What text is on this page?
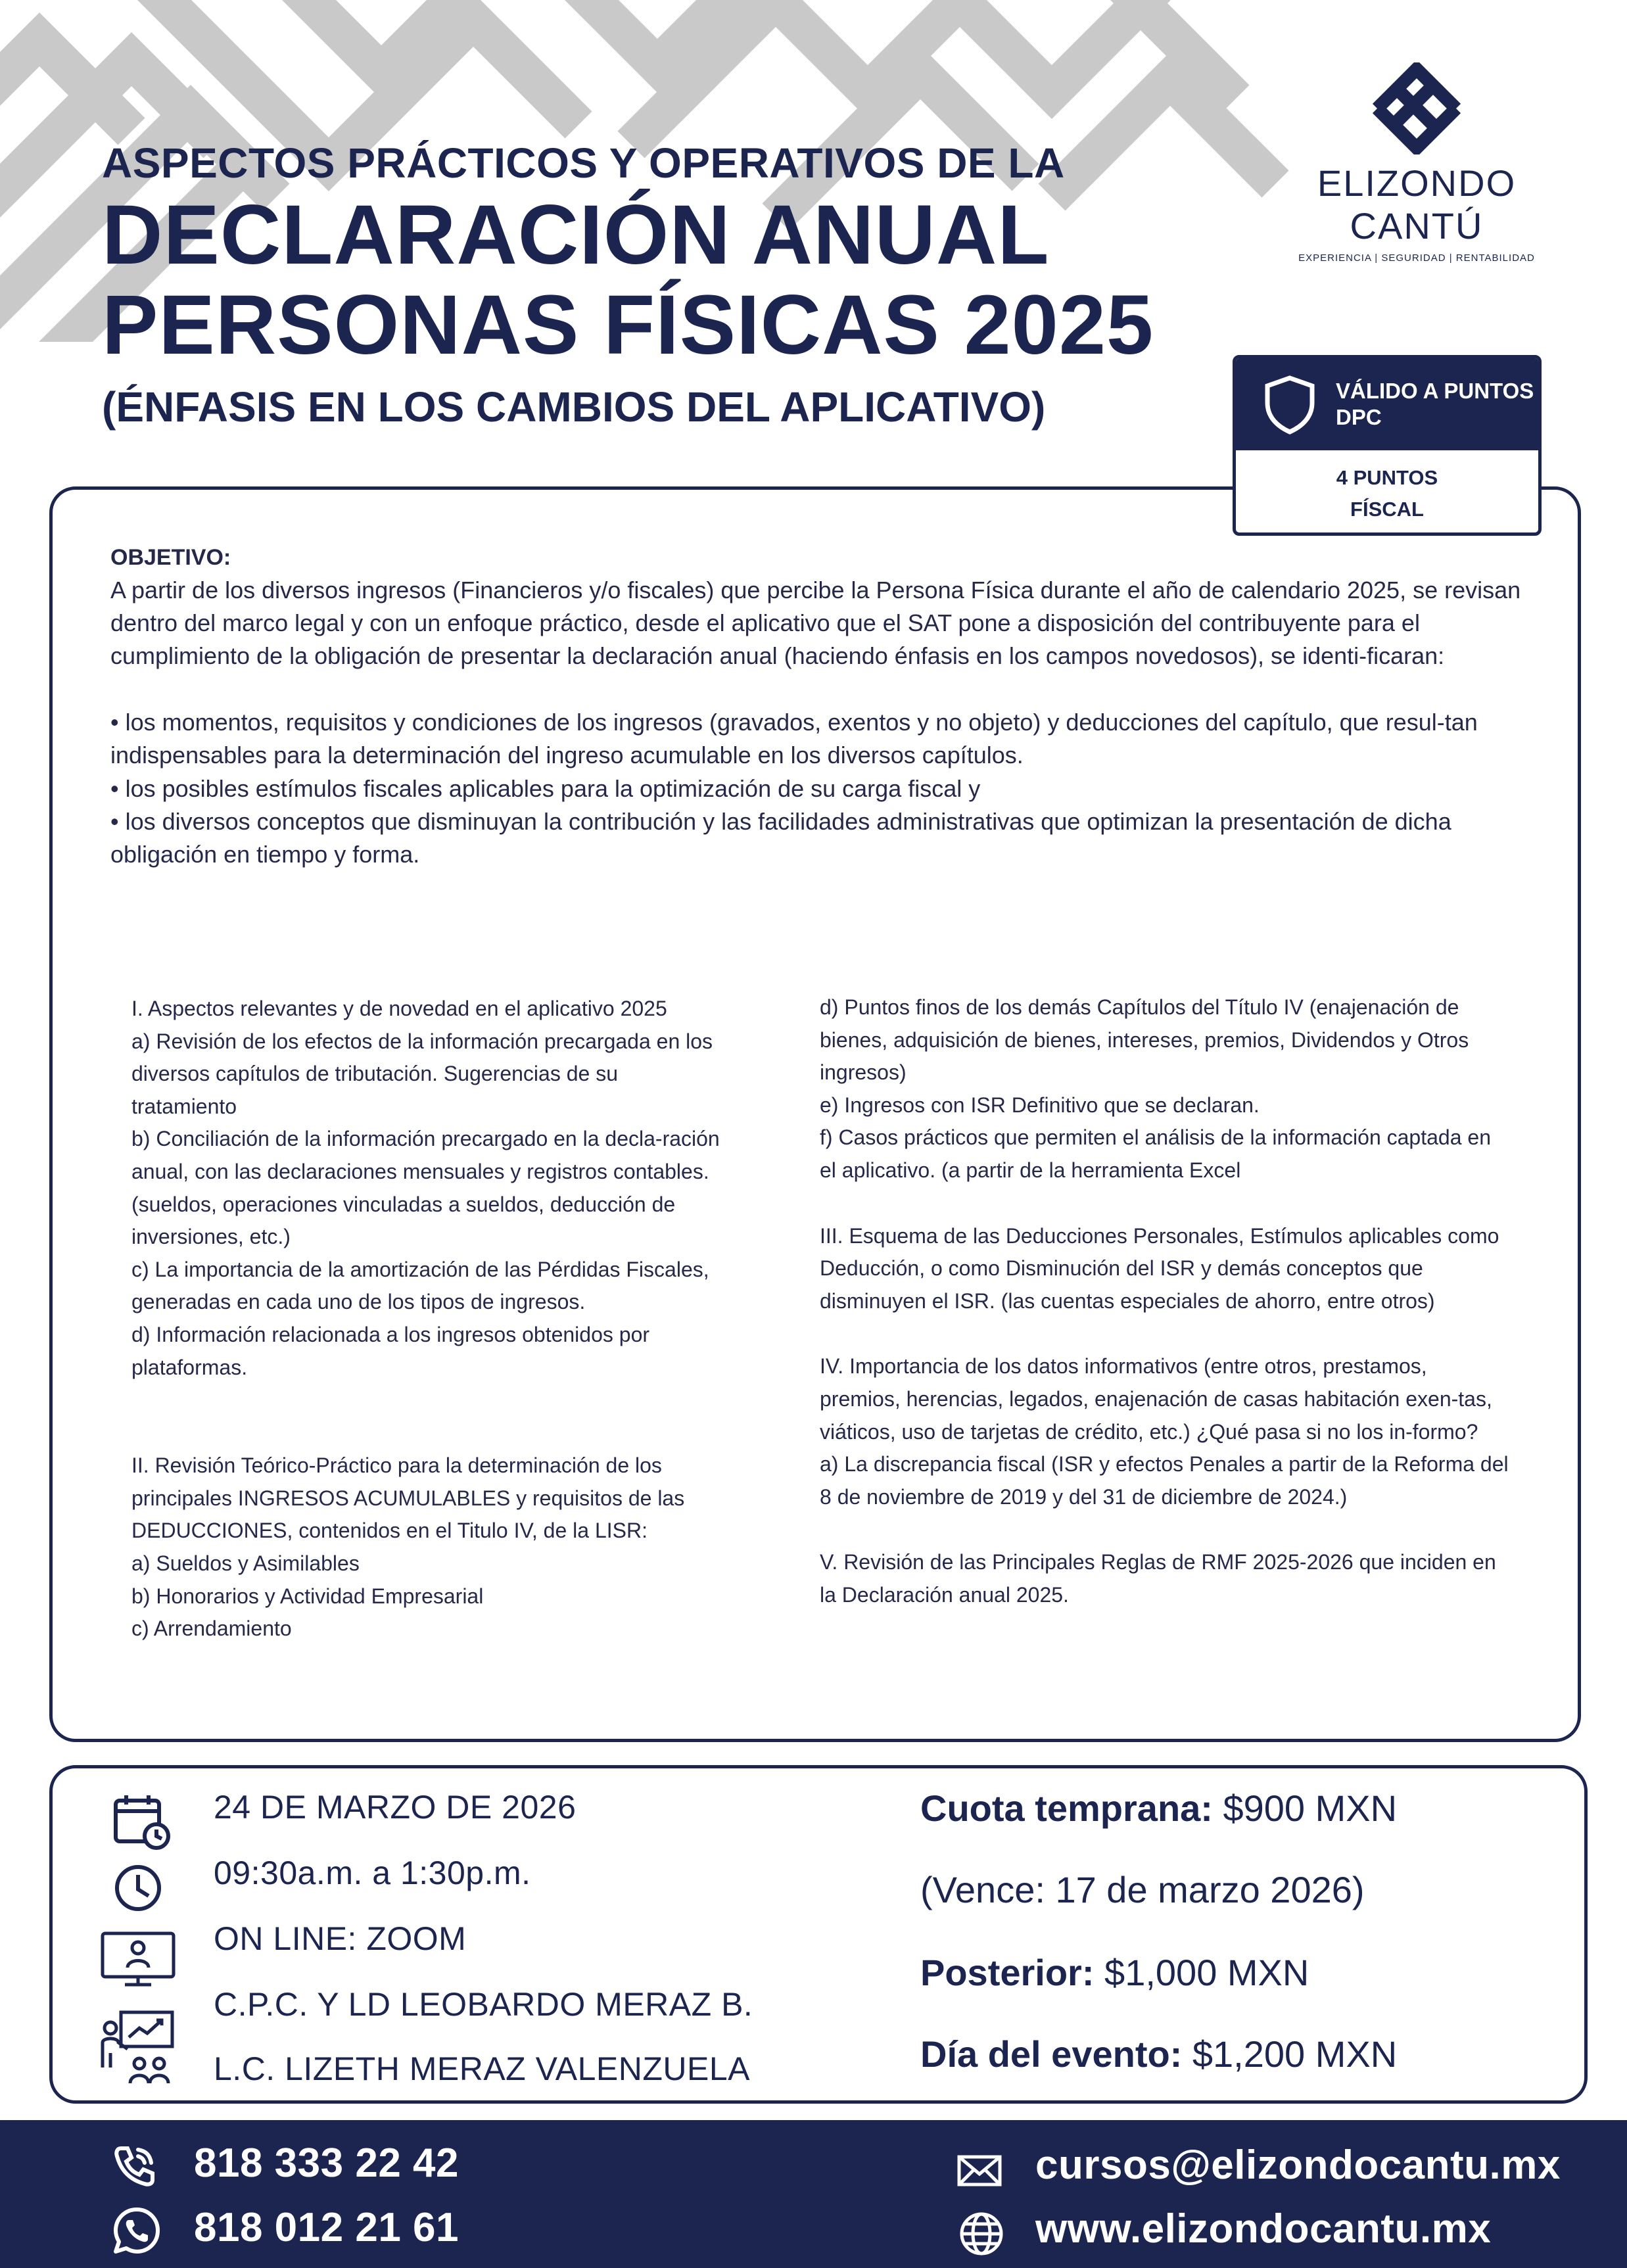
ASPECTOS PRÁCTICOS Y OPERATIVOS DE LA
DECLARACIÓN ANUAL
PERSONAS FÍSICAS 2025
(ÉNFASIS EN LOS CAMBIOS DEL APLICATIVO)
ELIZONDO CANTÚ
EXPERIENCIA | SEGURIDAD | RENTABILIDAD
VÁLIDO A PUNTOS
DPC
4 PUNTOS
FÍSCAL
OBJETIVO:

A partir de los diversos ingresos (Financieros y/o fiscales) que percibe la Persona Física durante el año de calendario 2025, se revisan dentro del marco legal y con un enfoque práctico, desde el aplicativo que el SAT pone a disposición del contribuyente para el cumplimiento de la obligación de presentar la declaración anual (haciendo énfasis en los campos novedosos), se identi-ficaran:

• los momentos, requisitos y condiciones de los ingresos (gravados, exentos y no objeto) y deducciones del capítulo, que resul-tan indispensables para la determinación del ingreso acumulable en los diversos capítulos.

• los posibles estímulos fiscales aplicables para la optimización de su carga fiscal y

• los diversos conceptos que disminuyan la contribución y las facilidades administrativas que optimizan la presentación de dicha obligación en tiempo y forma.

I. Aspectos relevantes y de novedad en el aplicativo 2025

a) Revisión de los efectos de la información precargada en los diversos capítulos de tributación. Sugerencias de su tratamiento

b) Conciliación de la información precargado en la decla-ración anual, con las declaraciones mensuales y registros contables. (sueldos, operaciones vinculadas a sueldos, deducción de inversiones, etc.)

c) La importancia de la amortización de las Pérdidas Fiscales, generadas en cada uno de los tipos de ingresos.

d) Información relacionada a los ingresos obtenidos por plataformas.

II. Revisión Teórico-Práctico para la determinación de los principales INGRESOS ACUMULABLES y requisitos de las DEDUCCIONES, contenidos en el Titulo IV, de la LISR:

a) Sueldos y Asimilables

b) Honorarios y Actividad Empresarial

c) Arrendamiento

d) Puntos finos de los demás Capítulos del Título IV (enajenación de bienes, adquisición de bienes, intereses, premios, Dividendos y Otros ingresos)

e) Ingresos con ISR Definitivo que se declaran.

f) Casos prácticos que permiten el análisis de la información captada en el aplicativo. (a partir de la herramienta Excel

III. Esquema de las Deducciones Personales, Estímulos aplicables como Deducción, o como Disminución del ISR y demás conceptos que disminuyen el ISR. (las cuentas especiales de ahorro, entre otros)

IV. Importancia de los datos informativos (entre otros, prestamos, premios, herencias, legados, enajenación de casas habitación exen-tas, viáticos, uso de tarjetas de crédito, etc.) ¿Qué pasa si no los in-formo?

a) La discrepancia fiscal (ISR y efectos Penales a partir de la Reforma del 8 de noviembre de 2019 y del 31 de diciembre de 2024.)

V. Revisión de las Principales Reglas de RMF 2025-2026 que inciden en la Declaración anual 2025.

24 DE MARZO DE 2026
09:30a.m. a 1:30p.m.
ON LINE: ZOOM
C.P.C. Y LD LEOBARDO MERAZ B.
L.C. LIZETH MERAZ VALENZUELA
Cuota temprana: $900 MXN
(Vence: 17 de marzo 2026)
Posterior: $1,000 MXN
Día del evento: $1,200 MXN
818 333 22 42
818 012 21 61
cursos@elizondocantu.mx
www.elizondocantu.mx
